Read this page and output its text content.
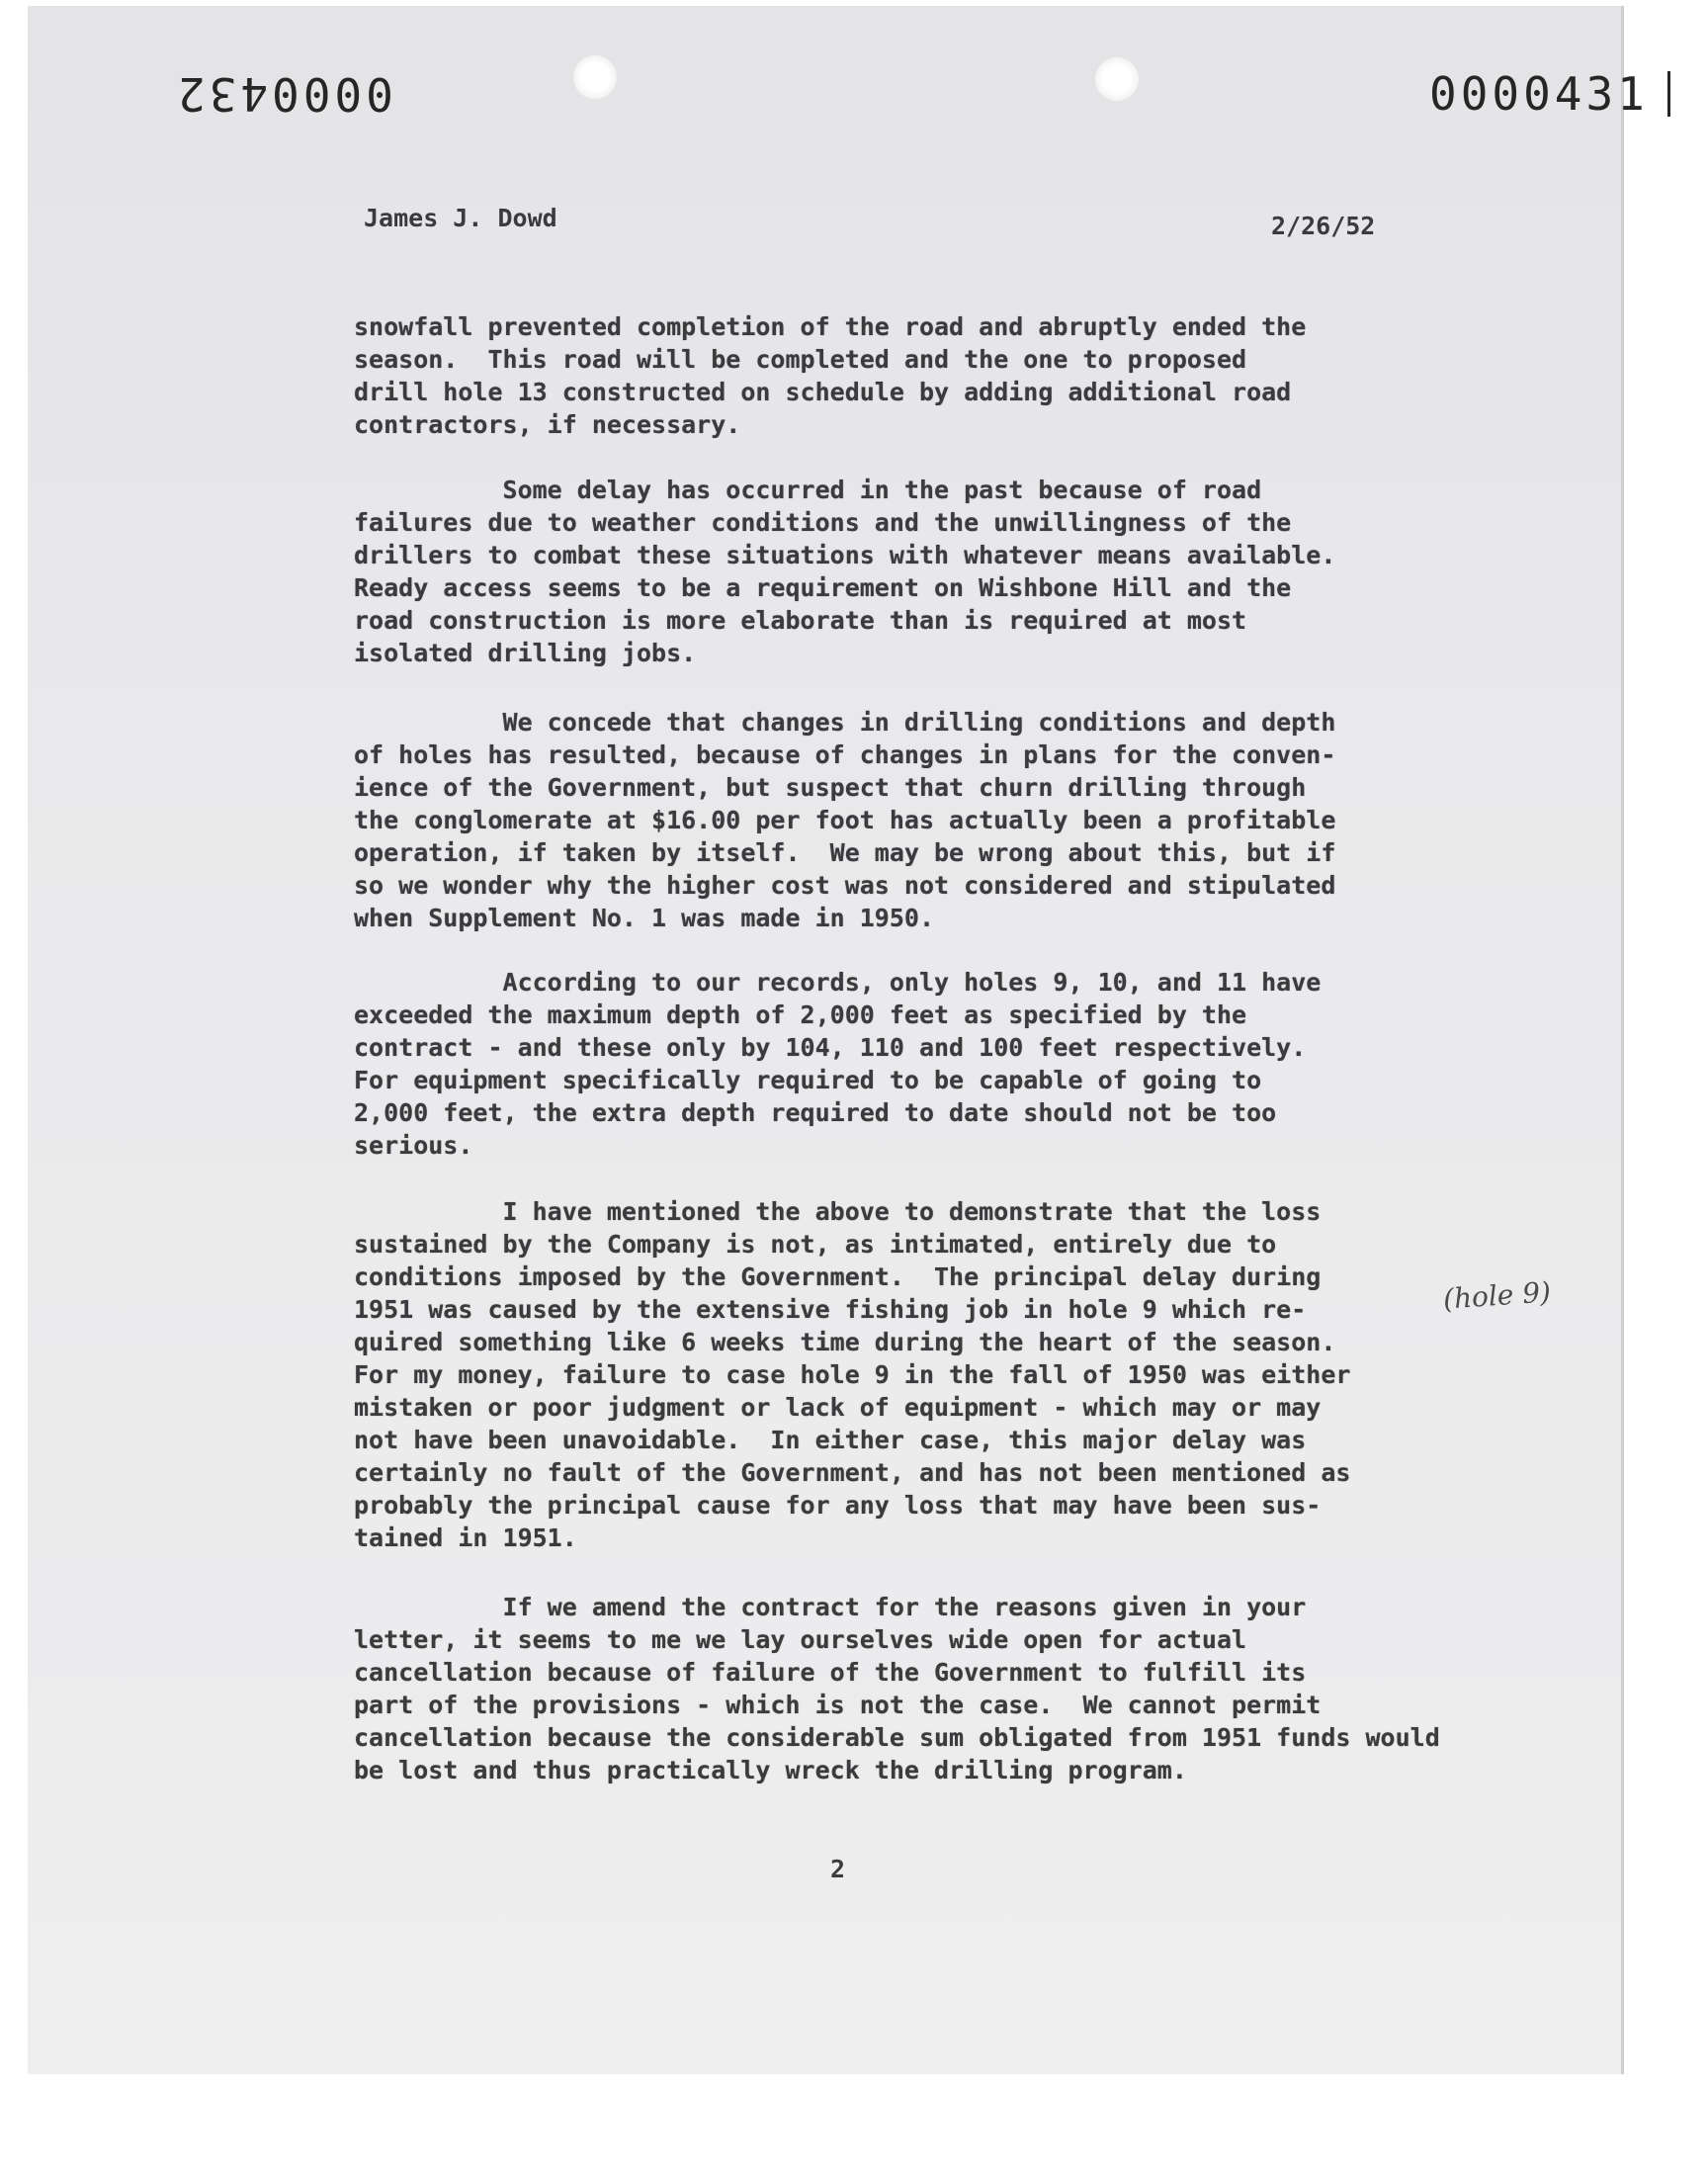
0000432	0000431
James J. Dowd	2/26/52
snowfall prevented completion of the road and abruptly ended the
season.  This road will be completed and the one to proposed
drill hole 13 constructed on schedule by adding additional road
contractors, if necessary.
Some delay has occurred in the past because of road
failures due to weather conditions and the unwillingness of the
drillers to combat these situations with whatever means available.
Ready access seems to be a requirement on Wishbone Hill and the
road construction is more elaborate than is required at most
isolated drilling jobs.
We concede that changes in drilling conditions and depth
of holes has resulted, because of changes in plans for the conven-
ience of the Government, but suspect that churn drilling through
the conglomerate at $16.00 per foot has actually been a profitable
operation, if taken by itself.  We may be wrong about this, but if
so we wonder why the higher cost was not considered and stipulated
when Supplement No. 1 was made in 1950.
According to our records, only holes 9, 10, and 11 have
exceeded the maximum depth of 2,000 feet as specified by the
contract - and these only by 104, 110 and 100 feet respectively.
For equipment specifically required to be capable of going to
2,000 feet, the extra depth required to date should not be too
serious.
I have mentioned the above to demonstrate that the loss
sustained by the Company is not, as intimated, entirely due to
conditions imposed by the Government.  The principal delay during
1951 was caused by the extensive fishing job in hole 9 which re-
quired something like 6 weeks time during the heart of the season.
For my money, failure to case hole 9 in the fall of 1950 was either
mistaken or poor judgment or lack of equipment - which may or may
not have been unavoidable.  In either case, this major delay was
certainly no fault of the Government, and has not been mentioned as
probably the principal cause for any loss that may have been sus-
tained in 1951.
If we amend the contract for the reasons given in your
letter, it seems to me we lay ourselves wide open for actual
cancellation because of failure of the Government to fulfill its
part of the provisions - which is not the case.  We cannot permit
cancellation because the considerable sum obligated from 1951 funds would
be lost and thus practically wreck the drilling program.
(hole 9)
2
